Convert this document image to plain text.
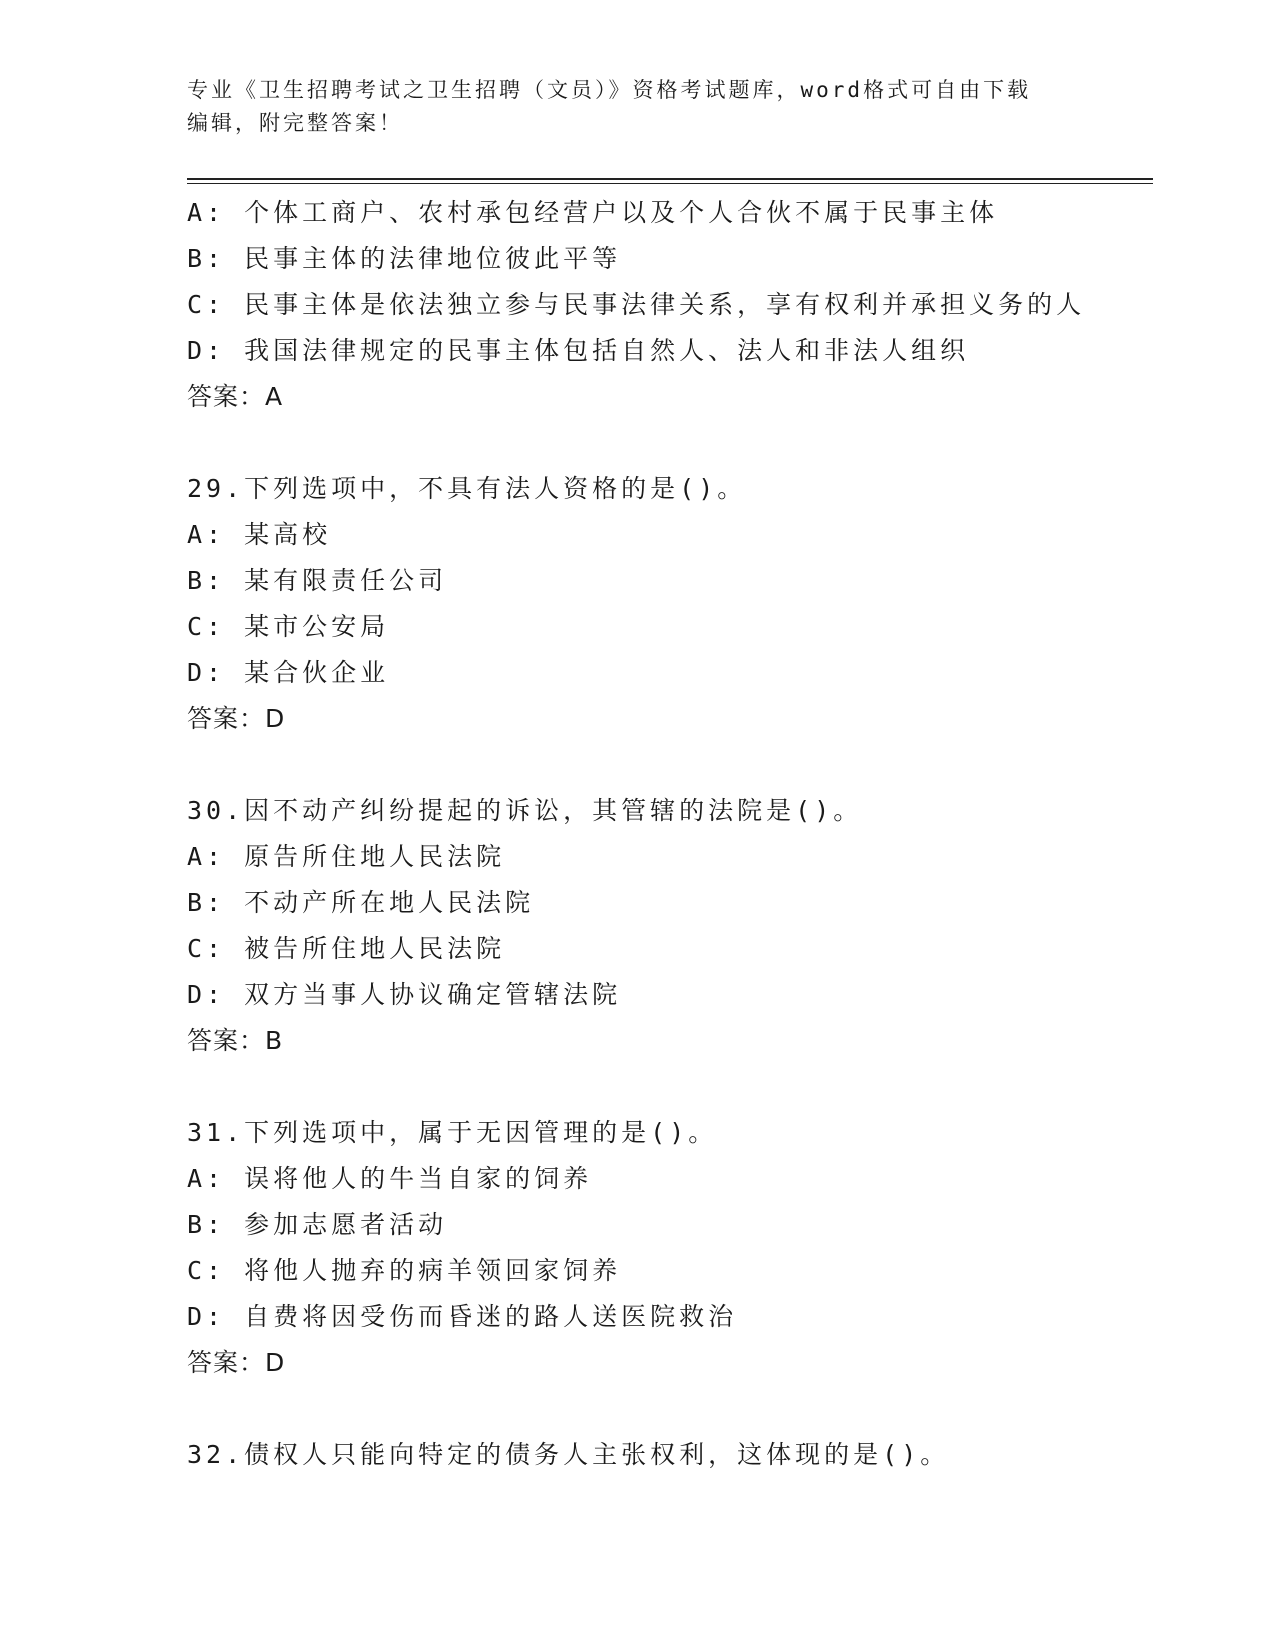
专业《卫生招聘考试之卫生招聘（文员）》资格考试题库，word格式可自由下载
编辑，附完整答案！
A: 个体工商户、农村承包经营户以及个人合伙不属于民事主体
B: 民事主体的法律地位彼此平等
C: 民事主体是依法独立参与民事法律关系，享有权利并承担义务的人
D: 我国法律规定的民事主体包括自然人、法人和非法人组织
答案：A
29.下列选项中，不具有法人资格的是()。
A: 某高校
B: 某有限责任公司
C: 某市公安局
D: 某合伙企业
答案：D
30.因不动产纠纷提起的诉讼，其管辖的法院是()。
A: 原告所住地人民法院
B: 不动产所在地人民法院
C: 被告所住地人民法院
D: 双方当事人协议确定管辖法院
答案：B
31.下列选项中，属于无因管理的是()。
A: 误将他人的牛当自家的饲养
B: 参加志愿者活动
C: 将他人抛弃的病羊领回家饲养
D: 自费将因受伤而昏迷的路人送医院救治
答案：D
32.债权人只能向特定的债务人主张权利，这体现的是()。
